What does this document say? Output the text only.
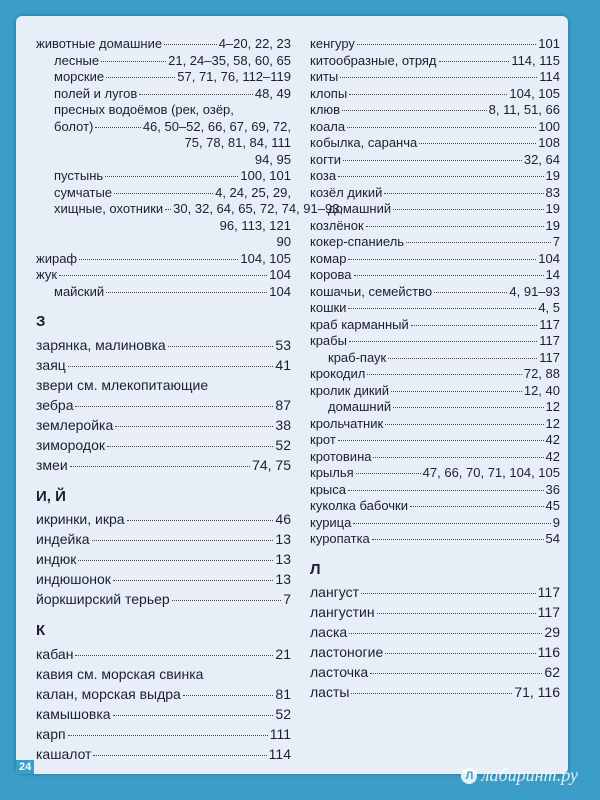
животные домашние	4–20, 22, 23
лесные	21, 24–35, 58, 60, 65
морские	57, 71, 76, 112–119
полей и лугов	48, 49
пресных водоёмов (рек, озёр,
болот)	46, 50–52, 66, 67, 69, 72,
75, 78, 81, 84, 111
94, 95
пустынь	100, 101
сумчатые	4, 24, 25, 29,
хищные, охотники 30, 32, 64, 65, 72, 74, 91–93,
96, 113, 121
90
жираф	104, 105
жук	104
майский	104
З
зарянка, малиновка	53
заяц	41
звери см. млекопитающие
зебра	87
землеройка	38
зимородок	52
змеи	74, 75
И, Й
икринки, икра	46
индейка	13
индюк	13
индюшонок	13
йоркширский терьер	7
К
кабан	21
кавия см. морская свинка
калан, морская выдра	81
камышовка	52
карп	111
кашалот	114
кенгуру	101
китообразные, отряд	114, 115
киты	114
клопы	104, 105
клюв	8, 11, 51, 66
коала	100
кобылка, саранча	108
когти	32, 64
коза	19
козёл дикий	83
домашний	19
козлёнок	19
кокер-спаниель	7
комар	104
корова	14
кошачьи, семейство	4, 91–93
кошки	4, 5
краб карманный	117
крабы	117
краб-паук	117
крокодил	72, 88
кролик дикий	12, 40
домашний	12
крольчатник	12
крот	42
кротовина	42
крылья	47, 66, 70, 71, 104, 105
крыса	36
куколка бабочки	45
курица	9
куропатка	54
Л
лангуст	117
лангустин	117
ласка	29
ластоногие	116
ласточка	62
ласты	71, 116
24
Л лабиринт.ру
